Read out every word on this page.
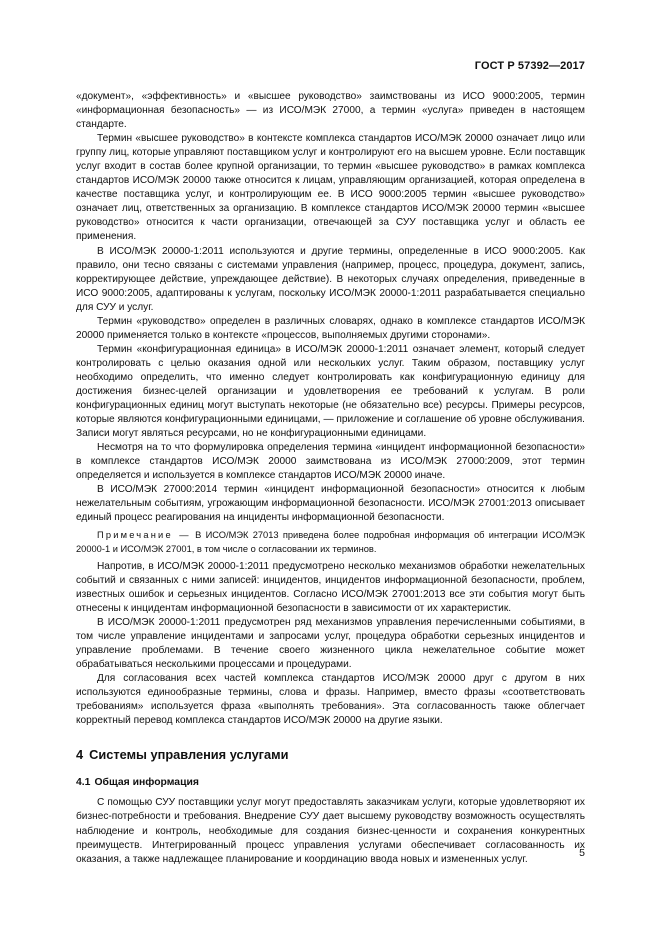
ГОСТ Р 57392—2017

«документ», «эффективность» и «высшее руководство» заимствованы из ИСО 9000:2005, термин «информационная безопасность» — из ИСО/МЭК 27000, а термин «услуга» приведен в настоящем стандарте.

Термин «высшее руководство» в контексте комплекса стандартов ИСО/МЭК 20000 означает лицо или группу лиц, которые управляют поставщиком услуг и контролируют его на высшем уровне. Если поставщик услуг входит в состав более крупной организации, то термин «высшее руководство» в рамках комплекса стандартов ИСО/МЭК 20000 также относится к лицам, управляющим организацией, которая определена в качестве поставщика услуг, и контролирующим ее. В ИСО 9000:2005 термин «высшее руководство» означает лиц, ответственных за организацию. В комплексе стандартов ИСО/МЭК 20000 термин «высшее руководство» относится к части организации, отвечающей за СУУ поставщика услуг и область ее применения.

В ИСО/МЭК 20000-1:2011 используются и другие термины, определенные в ИСО 9000:2005. Как правило, они тесно связаны с системами управления (например, процесс, процедура, документ, запись, корректирующее действие, упреждающее действие). В некоторых случаях определения, приведенные в ИСО 9000:2005, адаптированы к услугам, поскольку ИСО/МЭК 20000-1:2011 разрабатывается специально для СУУ и услуг.

Термин «руководство» определен в различных словарях, однако в комплексе стандартов ИСО/МЭК 20000 применяется только в контексте «процессов, выполняемых другими сторонами».

Термин «конфигурационная единица» в ИСО/МЭК 20000-1:2011 означает элемент, который следует контролировать с целью оказания одной или нескольких услуг. Таким образом, поставщику услуг необходимо определить, что именно следует контролировать как конфигурационную единицу для достижения бизнес-целей организации и удовлетворения ее требований к услугам. В роли конфигурационных единиц могут выступать некоторые (не обязательно все) ресурсы. Примеры ресурсов, которые являются конфигурационными единицами, — приложение и соглашение об уровне обслуживания. Записи могут являться ресурсами, но не конфигурационными единицами.

Несмотря на то что формулировка определения термина «инцидент информационной безопасности» в комплексе стандартов ИСО/МЭК 20000 заимствована из ИСО/МЭК 27000:2009, этот термин определяется и используется в комплексе стандартов ИСО/МЭК 20000 иначе.

В ИСО/МЭК 27000:2014 термин «инцидент информационной безопасности» относится к любым нежелательным событиям, угрожающим информационной безопасности. ИСО/МЭК 27001:2013 описывает единый процесс реагирования на инциденты информационной безопасности.

Примечание — В ИСО/МЭК 27013 приведена более подробная информация об интеграции ИСО/МЭК 20000-1 и ИСО/МЭК 27001, в том числе о согласовании их терминов.

Напротив, в ИСО/МЭК 20000-1:2011 предусмотрено несколько механизмов обработки нежелательных событий и связанных с ними записей: инцидентов, инцидентов информационной безопасности, проблем, известных ошибок и серьезных инцидентов. Согласно ИСО/МЭК 27001:2013 все эти события могут быть отнесены к инцидентам информационной безопасности в зависимости от их характеристик.

В ИСО/МЭК 20000-1:2011 предусмотрен ряд механизмов управления перечисленными событиями, в том числе управление инцидентами и запросами услуг, процедура обработки серьезных инцидентов и управление проблемами. В течение своего жизненного цикла нежелательное событие может обрабатываться несколькими процессами и процедурами.

Для согласования всех частей комплекса стандартов ИСО/МЭК 20000 друг с другом в них используются единообразные термины, слова и фразы. Например, вместо фразы «соответствовать требованиям» используется фраза «выполнять требования». Эта согласованность также облегчает корректный перевод комплекса стандартов ИСО/МЭК 20000 на другие языки.

4 Системы управления услугами
4.1 Общая информация

С помощью СУУ поставщики услуг могут предоставлять заказчикам услуги, которые удовлетворяют их бизнес-потребности и требования. Внедрение СУУ дает высшему руководству возможность осуществлять наблюдение и контроль, необходимые для создания бизнес-ценности и сохранения конкурентных преимуществ. Интегрированный процесс управления услугами обеспечивает согласованность их оказания, а также надлежащее планирование и координацию ввода новых и измененных услуг.

5
